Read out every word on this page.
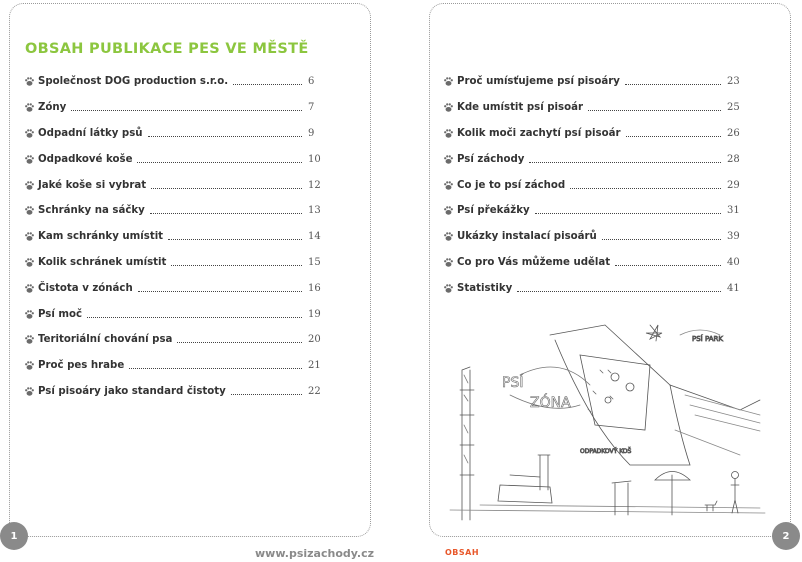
OBSAH PUBLIKACE PES VE MĚSTĚ
Společnost DOG production s.r.o.	6
Zóny	7
Odpadní látky psů	9
Odpadkové koše	10
Jaké koše si vybrat	12
Schránky na sáčky	13
Kam schránky umístit	14
Kolik schránek umístit	15
Čistota v zónách	16
Psí moč	19
Teritoriální chování psa	20
Proč pes hrabe	21
Psí pisoáry jako standard čistoty	22
Proč umísťujeme psí pisoáry	23
Kde umístit psí pisoár	25
Kolik moči zachytí psí pisoár	26
Psí záchody	28
Co je to psí záchod	29
Psí překážky	31
Ukázky instalací pisoárů	39
Co pro Vás můžeme udělat	40
Statistiky	41
PSÍ
ZÓNA
PSÍ PARK
ODPADKOVÝ KOŠ
1	2
www.psizachody.cz	OBSAH
